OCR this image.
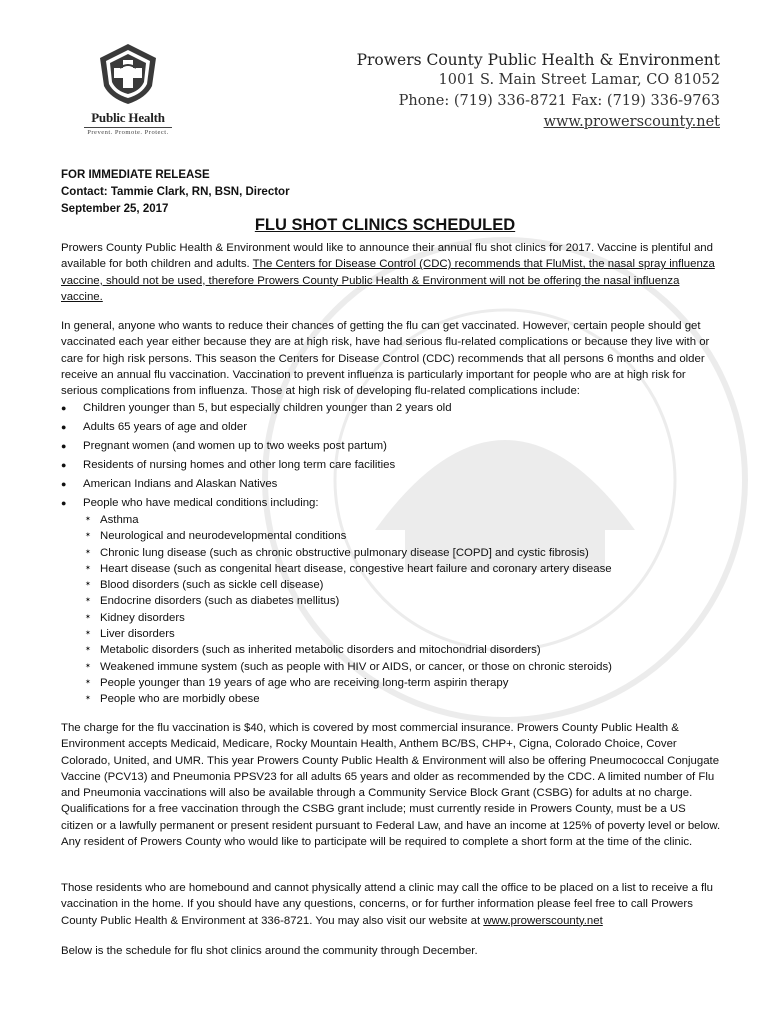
Public Health
Prevent. Promote. Protect.
Prowers County Public Health & Environment
1001 S. Main Street Lamar, CO 81052
Phone: (719) 336-8721 Fax: (719) 336-9763
www.prowerscounty.net
FOR IMMEDIATE RELEASE
Contact: Tammie Clark, RN, BSN, Director
September 25, 2017
FLU SHOT CLINICS SCHEDULED

Prowers County Public Health & Environment would like to announce their annual flu shot clinics for 2017. Vaccine is plentiful and available for both children and adults. The Centers for Disease Control (CDC) recommends that FluMist, the nasal spray influenza vaccine, should not be used, therefore Prowers County Public Health & Environment will not be offering the nasal influenza vaccine.

In general, anyone who wants to reduce their chances of getting the flu can get vaccinated. However, certain people should get vaccinated each year either because they are at high risk, have had serious flu-related complications or because they live with or care for high risk persons. This season the Centers for Disease Control (CDC) recommends that all persons 6 months and older receive an annual flu vaccination. Vaccination to prevent influenza is particularly important for people who are at high risk for serious complications from influenza. Those at high risk of developing flu-related complications include:

● Children younger than 5, but especially children younger than 2 years old
● Adults 65 years of age and older
● Pregnant women (and women up to two weeks post partum)
● Residents of nursing homes and other long term care facilities
● American Indians and Alaskan Natives
● People who have medical conditions including:
✶ Asthma
✶ Neurological and neurodevelopmental conditions
✶ Chronic lung disease (such as chronic obstructive pulmonary disease [COPD] and cystic fibrosis)
✶ Heart disease (such as congenital heart disease, congestive heart failure and coronary artery disease
✶ Blood disorders (such as sickle cell disease)
✶ Endocrine disorders (such as diabetes mellitus)
✶ Kidney disorders
✶ Liver disorders
✶ Metabolic disorders (such as inherited metabolic disorders and mitochondrial disorders)
✶ Weakened immune system (such as people with HIV or AIDS, or cancer, or those on chronic steroids)
✶ People younger than 19 years of age who are receiving long-term aspirin therapy
✶ People who are morbidly obese

The charge for the flu vaccination is $40, which is covered by most commercial insurance. Prowers County Public Health & Environment accepts Medicaid, Medicare, Rocky Mountain Health, Anthem BC/BS, CHP+, Cigna, Colorado Choice, Cover Colorado, United, and UMR. This year Prowers County Public Health & Environment will also be offering Pneumococcal Conjugate Vaccine (PCV13) and Pneumonia PPSV23 for all adults 65 years and older as recommended by the CDC. A limited number of Flu and Pneumonia vaccinations will also be available through a Community Service Block Grant (CSBG) for adults at no charge. Qualifications for a free vaccination through the CSBG grant include; must currently reside in Prowers County, must be a US citizen or a lawfully permanent or present resident pursuant to Federal Law, and have an income at 125% of poverty level or below. Any resident of Prowers County who would like to participate will be required to complete a short form at the time of the clinic.

Those residents who are homebound and cannot physically attend a clinic may call the office to be placed on a list to receive a flu vaccination in the home. If you should have any questions, concerns, or for further information please feel free to call Prowers County Public Health & Environment at 336-8721. You may also visit our website at www.prowerscounty.net

Below is the schedule for flu shot clinics around the community through December.
